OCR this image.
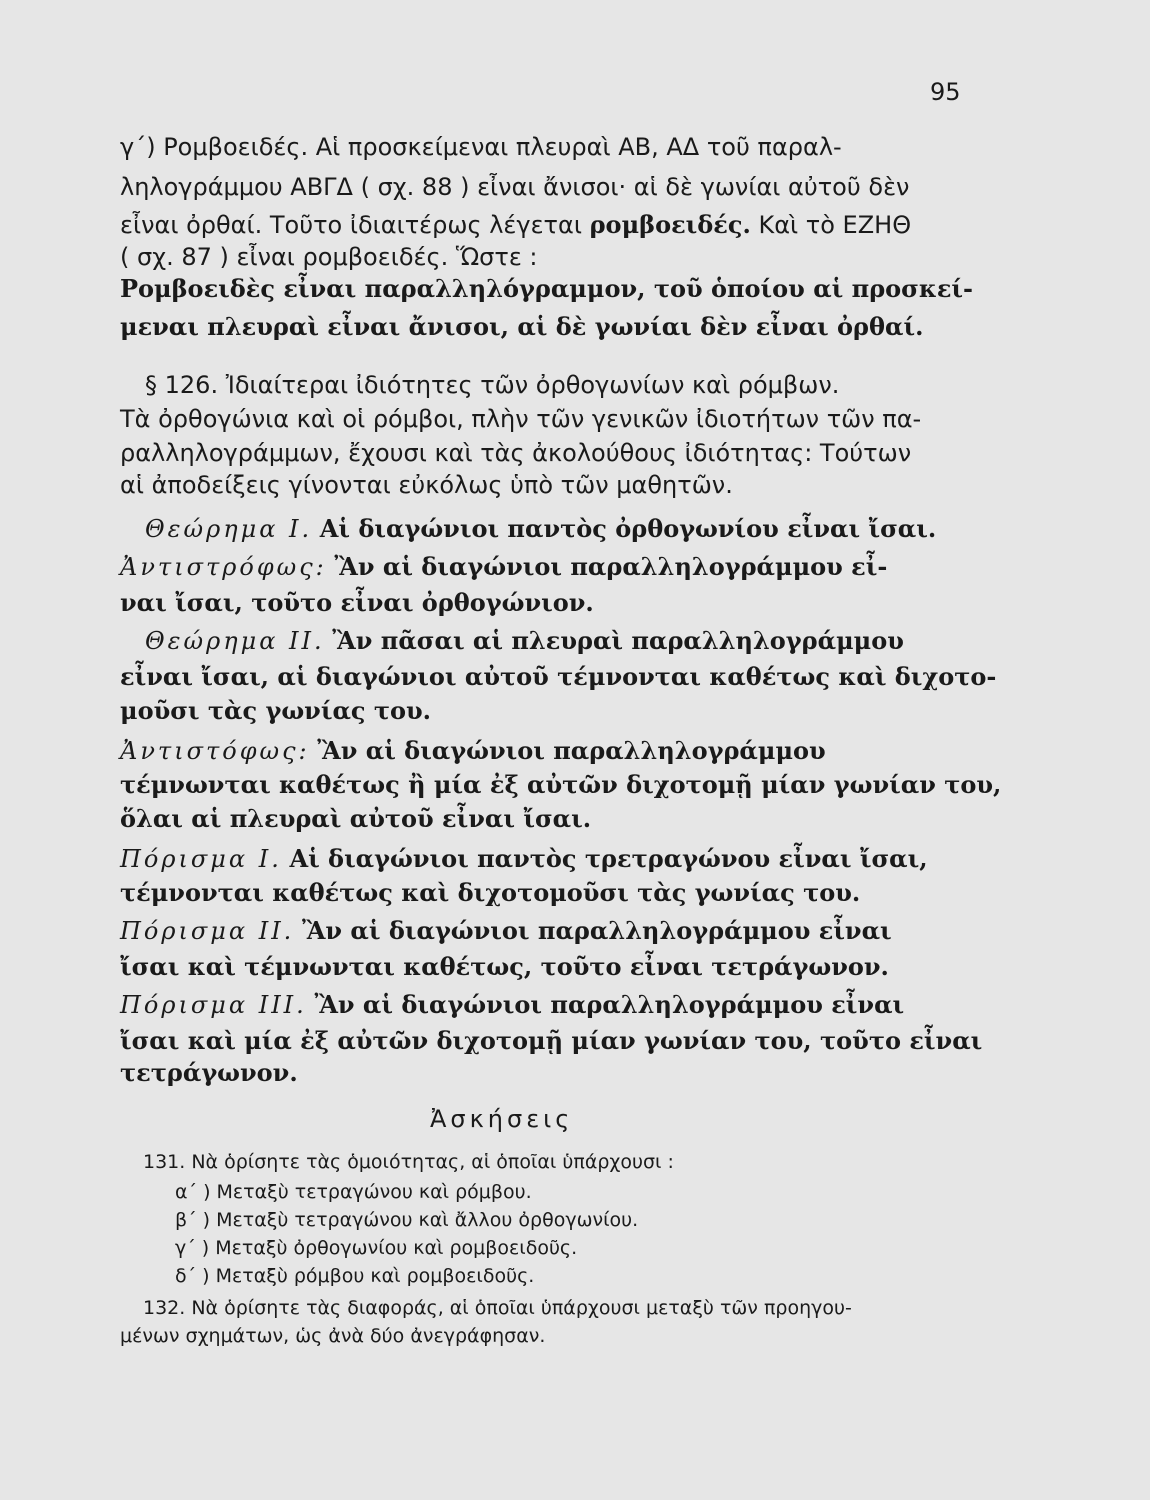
95
γ΄) Ρομβοειδές. Αἱ προσκείμεναι πλευραὶ ΑΒ, ΑΔ τοῦ παραλ-
ληλογράμμου ΑΒΓΔ ( σχ. 88 ) εἶναι ἄνισοι· αἱ δὲ γωνίαι αὐτοῦ δὲν
εἶναι ὀρθαί. Τοῦτο ἰδιαιτέρως λέγεται ρομβοειδές. Καὶ τὸ ΕΖΗΘ
( σχ. 87 ) εἶναι ρομβοειδές. Ὥστε :
Ρομβοειδὲς εἶναι παραλληλόγραμμον, τοῦ ὁποίου αἱ προσκεί-
μεναι πλευραὶ εἶναι ἄνισοι, αἱ δὲ γωνίαι δὲν εἶναι ὀρθαί.
§ 126. Ἰδιαίτεραι ἰδιότητες τῶν ὀρθογωνίων καὶ ρόμβων.
Τὰ ὀρθογώνια καὶ οἱ ρόμβοι, πλὴν τῶν γενικῶν ἰδιοτήτων τῶν πα-
ραλληλογράμμων, ἔχουσι καὶ τὰς ἀκολούθους ἰδιότητας: Τούτων
αἱ ἀποδείξεις γίνονται εὐκόλως ὑπὸ τῶν μαθητῶν.
Θεώρημα Ι. Αἱ διαγώνιοι παντὸς ὀρθογωνίου εἶναι ἴσαι.
Ἀντιστρόφως: Ἂν αἱ διαγώνιοι παραλληλογράμμου εἶ-
ναι ἴσαι, τοῦτο εἶναι ὀρθογώνιον.
Θεώρημα ΙΙ. Ἂν πᾶσαι αἱ πλευραὶ παραλληλογράμμου
εἶναι ἴσαι, αἱ διαγώνιοι αὐτοῦ τέμνονται καθέτως καὶ διχοτο-
μοῦσι τὰς γωνίας του.
Ἀντιστόφως: Ἂν αἱ διαγώνιοι παραλληλογράμμου
τέμνωνται καθέτως ἢ μία ἐξ αὐτῶν διχοτομῇ μίαν γωνίαν του,
ὅλαι αἱ πλευραὶ αὐτοῦ εἶναι ἴσαι.
Πόρισμα Ι. Αἱ διαγώνιοι παντὸς τρετραγώνου εἶναι ἴσαι,
τέμνονται καθέτως καὶ διχοτομοῦσι τὰς γωνίας του.
Πόρισμα ΙΙ. Ἂν αἱ διαγώνιοι παραλληλογράμμου εἶναι
ἴσαι καὶ τέμνωνται καθέτως, τοῦτο εἶναι τετράγωνον.
Πόρισμα ΙΙΙ. Ἂν αἱ διαγώνιοι παραλληλογράμμου εἶναι
ἴσαι καὶ μία ἐξ αὐτῶν διχοτομῇ μίαν γωνίαν του, τοῦτο εἶναι
τετράγωνον.
Ἀσκήσεις
131. Νὰ ὁρίσητε τὰς ὁμοιότητας, αἱ ὁποῖαι ὑπάρχουσι :
α΄ ) Μεταξὺ τετραγώνου καὶ ρόμβου.
β΄ ) Μεταξὺ τετραγώνου καὶ ἄλλου ὀρθογωνίου.
γ΄ ) Μεταξὺ ὀρθογωνίου καὶ ρομβοειδοῦς.
δ΄ ) Μεταξὺ ρόμβου καὶ ρομβοειδοῦς.
132. Νὰ ὁρίσητε τὰς διαφοράς, αἱ ὁποῖαι ὑπάρχουσι μεταξὺ τῶν προηγου-
μένων σχημάτων, ὡς ἀνὰ δύο ἀνεγράφησαν.
